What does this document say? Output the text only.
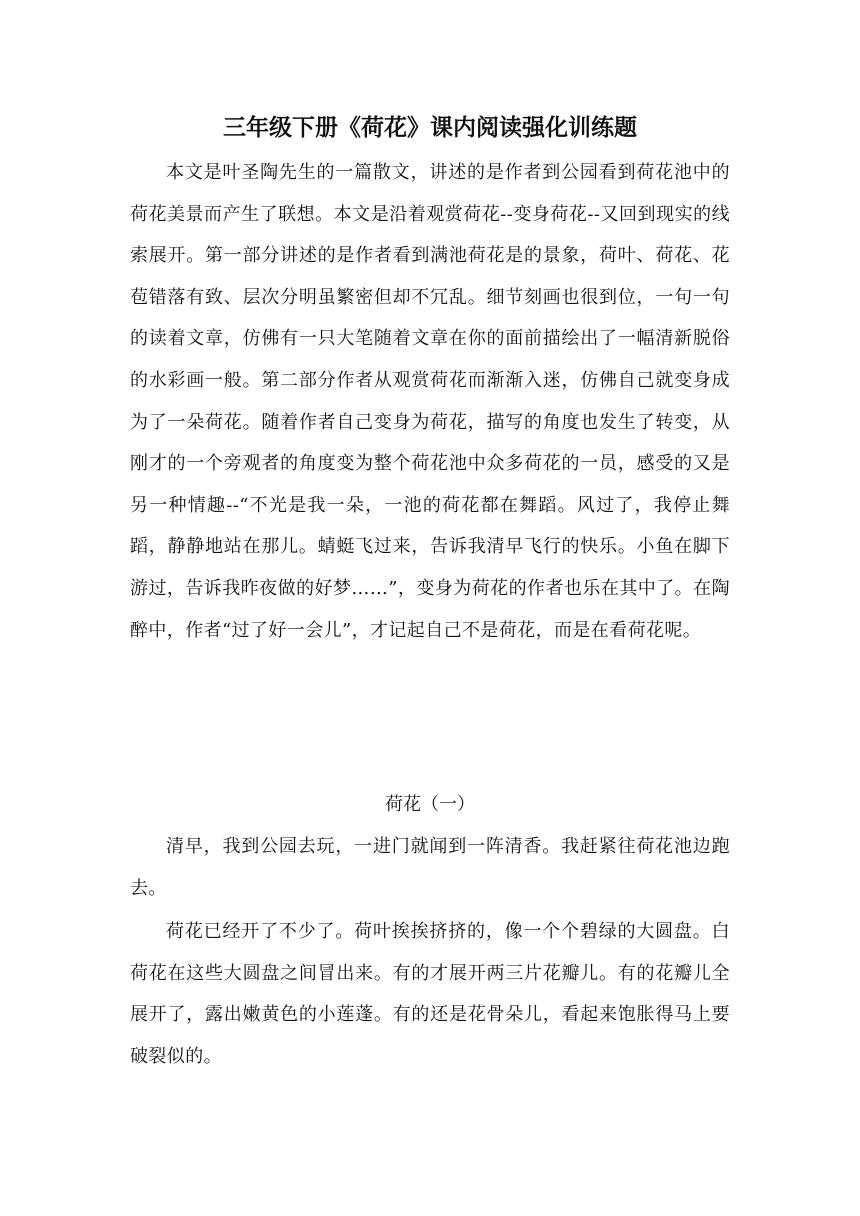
三年级下册《荷花》课内阅读强化训练题

本文是叶圣陶先生的一篇散文，讲述的是作者到公园看到荷花池中的荷花美景而产生了联想。本文是沿着观赏荷花--变身荷花--又回到现实的线索展开。第一部分讲述的是作者看到满池荷花是的景象，荷叶、荷花、花苞错落有致、层次分明虽繁密但却不冗乱。细节刻画也很到位，一句一句的读着文章，仿佛有一只大笔随着文章在你的面前描绘出了一幅清新脱俗的水彩画一般。第二部分作者从观赏荷花而渐渐入迷，仿佛自己就变身成为了一朵荷花。随着作者自己变身为荷花，描写的角度也发生了转变，从刚才的一个旁观者的角度变为整个荷花池中众多荷花的一员，感受的又是另一种情趣--“不光是我一朵，一池的荷花都在舞蹈。风过了，我停止舞蹈，静静地站在那儿。蜻蜓飞过来，告诉我清早飞行的快乐。小鱼在脚下游过，告诉我昨夜做的好梦……”，变身为荷花的作者也乐在其中了。在陶醉中，作者“过了好一会儿”，才记起自己不是荷花，而是在看荷花呢。

荷花（一）

清早，我到公园去玩，一进门就闻到一阵清香。我赶紧往荷花池边跑去。

荷花已经开了不少了。荷叶挨挨挤挤的，像一个个碧绿的大圆盘。白荷花在这些大圆盘之间冒出来。有的才展开两三片花瓣儿。有的花瓣儿全展开了，露出嫩黄色的小莲蓬。有的还是花骨朵儿，看起来饱胀得马上要破裂似的。
